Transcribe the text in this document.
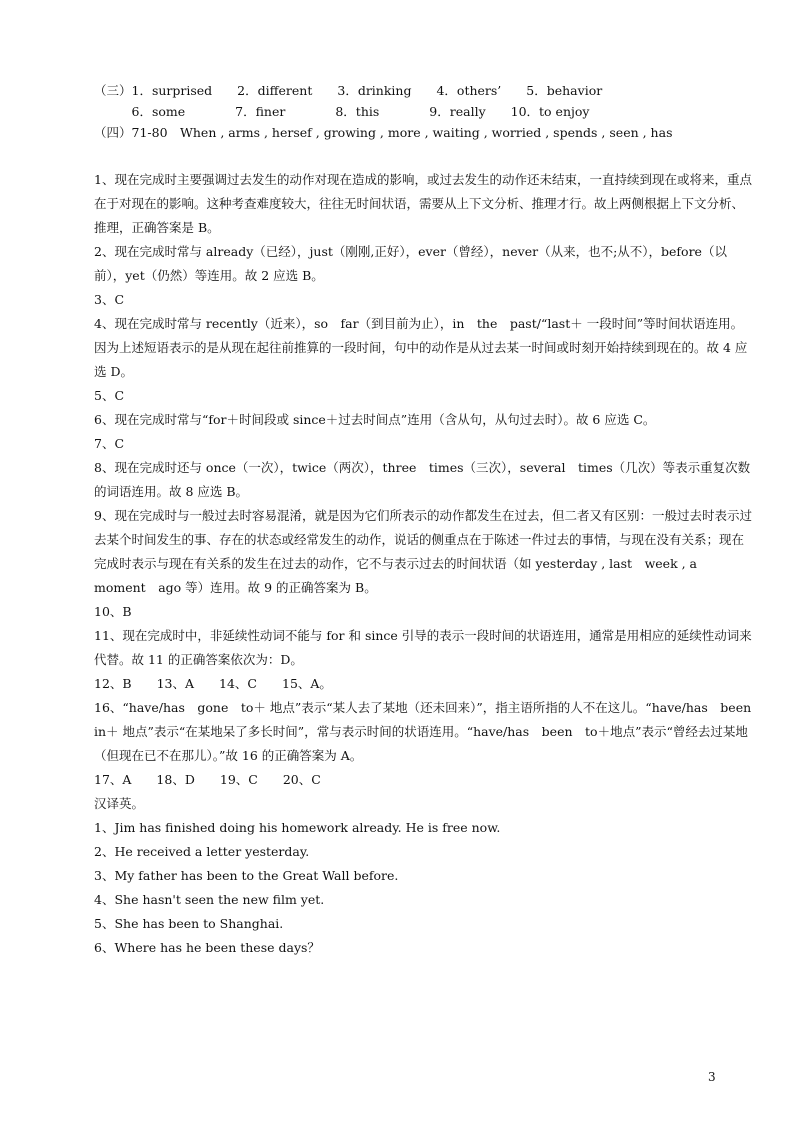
（三）1．surprised　　2．different　　3．drinking　　4．others’　　5．behavior
　　　6．some　　　　7．finer　　　　8．this　　　　9．really　　10．to enjoy
（四）71-80　When , arms , hersef , growing , more , waiting , worried , spends , seen , has
1、现在完成时主要强调过去发生的动作对现在造成的影响，或过去发生的动作还未结束，一直持续到现在或将来，重点在于对现在的影响。这种考查难度较大，往往无时间状语，需要从上下文分析、推理才行。故上两侧根据上下文分析、推理，正确答案是 B。
2、现在完成时常与 already（已经），just（刚刚,正好），ever（曾经），never（从来，也不;从不），before（以前），yet（仍然）等连用。故 2 应选 B。
3、C
4、现在完成时常与 recently（近来），so　far（到目前为止），in　the　past/“last＋ 一段时间”等时间状语连用。因为上述短语表示的是从现在起往前推算的一段时间，句中的动作是从过去某一时间或时刻开始持续到现在的。故 4 应选 D。
5、C
6、现在完成时常与“for＋时间段或 since＋过去时间点”连用（含从句，从句过去时）。故 6 应选 C。
7、C
8、现在完成时还与 once（一次），twice（两次），three　times（三次），several　times（几次）等表示重复次数的词语连用。故 8 应选 B。
9、现在完成时与一般过去时容易混淆，就是因为它们所表示的动作都发生在过去，但二者又有区别：一般过去时表示过去某个时间发生的事、存在的状态或经常发生的动作，说话的侧重点在于陈述一件过去的事情，与现在没有关系；现在完成时表示与现在有关系的发生在过去的动作，它不与表示过去的时间状语（如 yesterday , last　week , a　moment　ago 等）连用。故 9 的正确答案为 B。
10、B
11、现在完成时中，非延续性动词不能与 for 和 since 引导的表示一段时间的状语连用，通常是用相应的延续性动词来代替。故 11 的正确答案依次为：D。
12、B　　13、A　　14、C　　15、A。
16、“have/has　gone　to＋ 地点”表示“某人去了某地（还未回来）”，指主语所指的人不在这儿。“have/has　been　in＋ 地点”表示“在某地呆了多长时间”，常与表示时间的状语连用。“have/has　been　to＋地点”表示“曾经去过某地（但现在已不在那儿）。”故 16 的正确答案为 A。
17、A　　18、D　　19、C　　20、C
汉译英。
1、Jim has finished doing his homework already. He is free now.
2、He received a letter yesterday.
3、My father has been to the Great Wall before.
4、She hasn't seen the new film yet.
5、She has been to Shanghai.
6、Where has he been these days？
3
